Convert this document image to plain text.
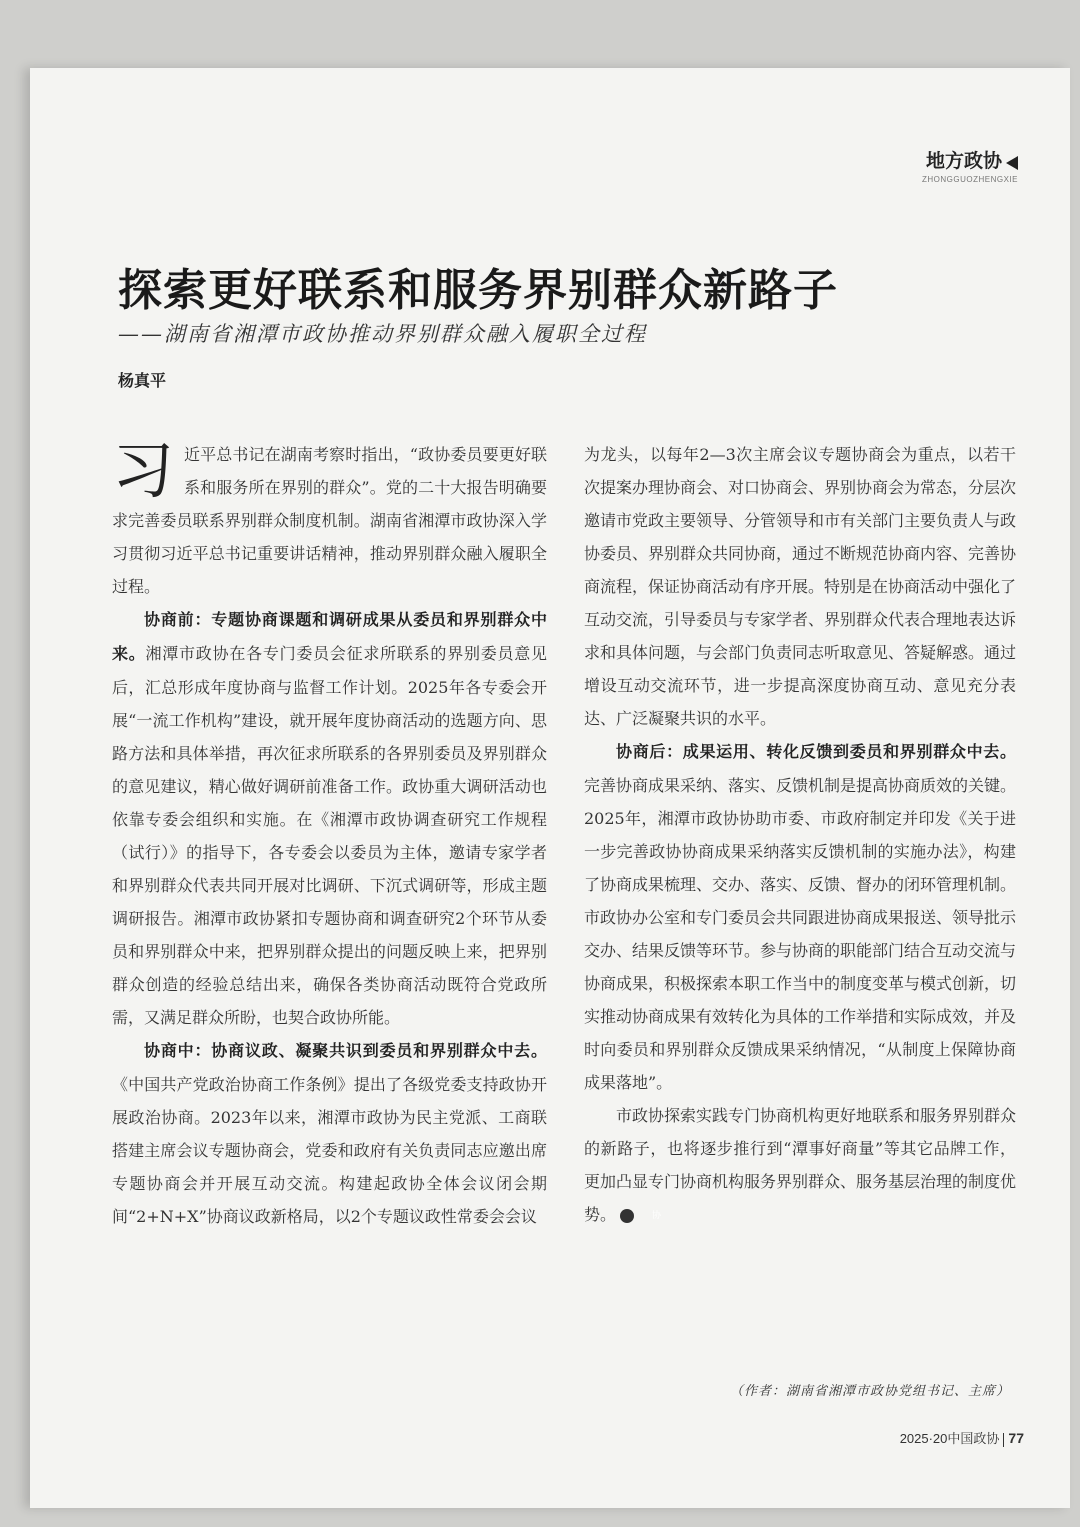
地方政协
ZHONGGUOZHENGXIE
探索更好联系和服务界别群众新路子
——湖南省湘潭市政协推动界别群众融入履职全过程
杨真平

习近平总书记在湖南考察时指出，“政协委员要更好联系和服务所在界别的群众”。党的二十大报告明确要求完善委员联系界别群众制度机制。湖南省湘潭市政协深入学习贯彻习近平总书记重要讲话精神，推动界别群众融入履职全过程。

协商前：专题协商课题和调研成果从委员和界别群众中来。湘潭市政协在各专门委员会征求所联系的界别委员意见后，汇总形成年度协商与监督工作计划。2025年各专委会开展“一流工作机构”建设，就开展年度协商活动的选题方向、思路方法和具体举措，再次征求所联系的各界别委员及界别群众的意见建议，精心做好调研前准备工作。政协重大调研活动也依靠专委会组织和实施。在《湘潭市政协调查研究工作规程（试行）》的指导下，各专委会以委员为主体，邀请专家学者和界别群众代表共同开展对比调研、下沉式调研等，形成主题调研报告。湘潭市政协紧扣专题协商和调查研究2个环节从委员和界别群众中来，把界别群众提出的问题反映上来，把界别群众创造的经验总结出来，确保各类协商活动既符合党政所需，又满足群众所盼，也契合政协所能。

协商中：协商议政、凝聚共识到委员和界别群众中去。《中国共产党政治协商工作条例》提出了各级党委支持政协开展政治协商。2023年以来，湘潭市政协为民主党派、工商联搭建主席会议专题协商会，党委和政府有关负责同志应邀出席专题协商会并开展互动交流。构建起政协全体会议闭会期间“2+N+X”协商议政新格局，以2个专题议政性常委会会议

为龙头，以每年2—3次主席会议专题协商会为重点，以若干次提案办理协商会、对口协商会、界别协商会为常态，分层次邀请市党政主要领导、分管领导和市有关部门主要负责人与政协委员、界别群众共同协商，通过不断规范协商内容、完善协商流程，保证协商活动有序开展。特别是在协商活动中强化了互动交流，引导委员与专家学者、界别群众代表合理地表达诉求和具体问题，与会部门负责同志听取意见、答疑解惑。通过增设互动交流环节，进一步提高深度协商互动、意见充分表达、广泛凝聚共识的水平。

协商后：成果运用、转化反馈到委员和界别群众中去。完善协商成果采纳、落实、反馈机制是提高协商质效的关键。2025年，湘潭市政协协助市委、市政府制定并印发《关于进一步完善政协协商成果采纳落实反馈机制的实施办法》，构建了协商成果梳理、交办、落实、反馈、督办的闭环管理机制。市政协办公室和专门委员会共同跟进协商成果报送、领导批示交办、结果反馈等环节。参与协商的职能部门结合互动交流与协商成果，积极探索本职工作当中的制度变革与模式创新，切实推动协商成果有效转化为具体的工作举措和实际成效，并及时向委员和界别群众反馈成果采纳情况，“从制度上保障协商成果落地”。

市政协探索实践专门协商机构更好地联系和服务界别群众的新路子，也将逐步推行到“潭事好商量”等其它品牌工作，更加凸显专门协商机构服务界别群众、服务基层治理的制度优势。	协

（作者：湖南省湘潭市政协党组书记、主席）
2025·20中国政协 77
